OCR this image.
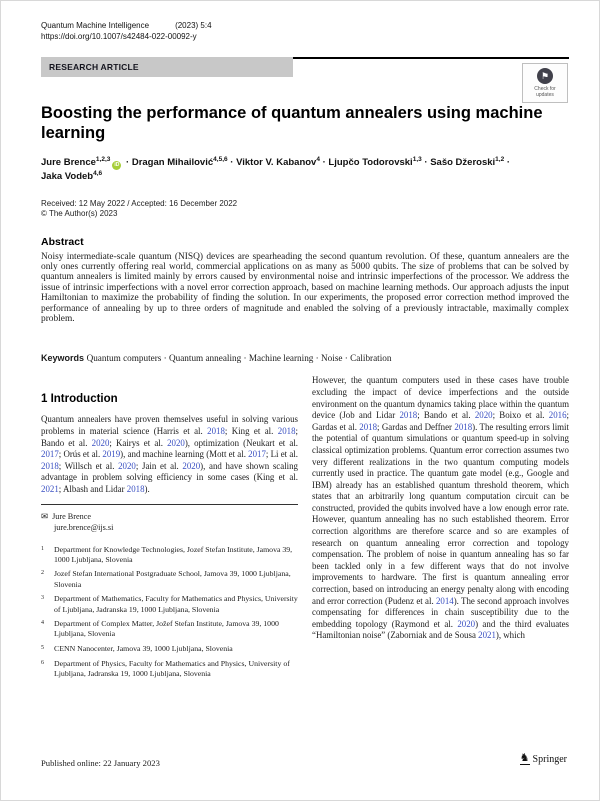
Quantum Machine Intelligence	(2023) 5:4
https://doi.org/10.1007/s42484-022-00092-y
RESEARCH ARTICLE
⚑
Check for
updates
Boosting the performance of quantum annealers using machine learning
Jure Brence$^{1,2,3}$iD · Dragan Mihailović$^{4,5,6}$ · Viktor V. Kabanov$^4$ · Ljupčo Todorovski$^{1,3}$ · Sašo Džeroski$^{1,2}$ ·
Jaka Vodeb$^{4,6}$
Received: 12 May 2022 / Accepted: 16 December 2022
© The Author(s) 2023
Abstract
Noisy intermediate-scale quantum (NISQ) devices are spearheading the second quantum revolution. Of these, quantum annealers are the only ones currently offering real world, commercial applications on as many as 5000 qubits. The size of problems that can be solved by quantum annealers is limited mainly by errors caused by environmental noise and intrinsic imperfections of the processor. We address the issue of intrinsic imperfections with a novel error correction approach, based on machine learning methods. Our approach adjusts the input Hamiltonian to maximize the probability of finding the solution. In our experiments, the proposed error correction method improved the performance of annealing by up to three orders of magnitude and enabled the solving of a previously intractable, maximally complex problem.
Keywords Quantum computers · Quantum annealing · Machine learning · Noise · Calibration
1 Introduction

Quantum annealers have proven themselves useful in solving various problems in material science (Harris et al. 2018; King et al. 2018; Bando et al. 2020; Kairys et al. 2020), optimization (Neukart et al. 2017; Orús et al. 2019), and machine learning (Mott et al. 2017; Li et al. 2018; Willsch et al. 2020; Jain et al. 2020), and have shown scaling advantage in problem solving efficiency in some cases (King et al. 2021; Albash and Lidar 2018).

✉ Jure Brence
jure.brence@ijs.si
1	Department for Knowledge Technologies, Jozef Stefan Institute, Jamova 39, 1000 Ljubljana, Slovenia
2	Jozef Stefan International Postgraduate School, Jamova 39, 1000 Ljubljana, Slovenia
3	Department of Mathematics, Faculty for Mathematics and Physics, University of Ljubljana, Jadranska 19, 1000 Ljubljana, Slovenia
4	Department of Complex Matter, Jožef Stefan Institute, Jamova 39, 1000 Ljubljana, Slovenia
5	CENN Nanocenter, Jamova 39, 1000 Ljubljana, Slovenia
6	Department of Physics, Faculty for Mathematics and Physics, University of Ljubljana, Jadranska 19, 1000 Ljubljana, Slovenia

However, the quantum computers used in these cases have trouble excluding the impact of device imperfections and the outside environment on the quantum dynamics taking place within the quantum device (Job and Lidar 2018; Bando et al. 2020; Boixo et al. 2016; Gardas et al. 2018; Gardas and Deffner 2018). The resulting errors limit the potential of quantum simulations or quantum speed-up in solving classical optimization problems. Quantum error correction assumes two very different realizations in the two quantum computing models currently used in practice. The quantum gate model (e.g., Google and IBM) already has an established quantum threshold theorem, which states that an arbitrarily long quantum computation circuit can be constructed, provided the qubits involved have a low enough error rate. However, quantum annealing has no such established theorem. Error correction algorithms are therefore scarce and so are examples of research on quantum annealing error correction and topology compensation. The problem of noise in quantum annealing has so far been tackled only in a few different ways that do not involve improvements to hardware. The first is quantum annealing error correction, based on introducing an energy penalty along with encoding and error correction (Pudenz et al. 2014). The second approach involves compensating for differences in chain susceptibility due to the embedding topology (Raymond et al. 2020) and the third evaluates “Hamiltonian noise” (Zaborniak and de Sousa 2021), which

Published online: 22 January 2023	♞ Springer
